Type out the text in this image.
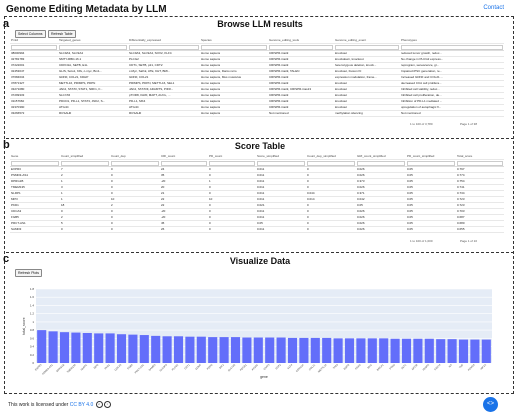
Genome Editing Metadata by LLM	Contact
a	Browse LLM results
Select Columns	Refresh Table
PmId	Targeted_genes	Differentially_expressed	Species	Genome_editing_tools	Genome_editing_event	Phenotypes

38000994	SLC9A3, SLC9A4	SLC9A3, SLC9A4, SOX2, KLF4	Homo sapiens	CRISPR-Cas9	knockout	reduced tumor growth, reduc...
32781783	SMTY-RBD-16.1	PLCG2	Homo sapiens	CRISPR-Cas9	knockdown, knockout	No change in PLCG2 express...
37222001	CDKN1A, SETB, E1L	CDT1, SETB, p21, CDT2	Homo sapiens	CRISPR-Cas9	heterozygous deletion, knock...	reprogram, senescence, gr...
32453047	GLIS, Soto1, Klfs, c-myc, Bm1...	c-Myc, Saf1k, ATE, KHT, BMl...	Homo sapiens, Danio rerio	CRISPR-Cas9, TALEN	knockout, Fusion KI	Impaired iPSC generation, re...
37684634	GDNF, COL21, KDHP	GDNF, COL21	Homo sapiens, Mus musculus	CRISPR-Cas9	expression modulation, frame...	Increased GDNF and COL21 ...
37871327	METTL16, PRIMPS, PDPN	PRIMPS, PDPN, METTL16, SEL1	Homo sapiens	CRISPR-Cas9	knockout	decreased CCA cell prolifera...
33271080	JAK2, STAT3, STAT1, NRF1, F...	JAK2, STAT3F, ADAMTS, PIFR...	Homo sapiens	CRISPR-Cas9, CRISPR-Cas13	knockout	Inhibited cell viability, reduc...
37299333	SLC7A5	pTOR8, IGRF, MAPT, AUCL, ...	Homo sapiens	CRISPR-Cas9	knockout	Inhibited cell proliferation, de...
31157660	PDCD1, PD-L1, STAT3, JNK2, S...	PD-L1, MK4	Homo sapiens	CRISPR-Cas9	knockout	Inhibition of PD-L1 mediated ...
32370390	ATG4C	ATG4C	Homo sapiens	CRISPR-Cas9	knockout	upregulation of autophagic fl...
33266572	RCSAH0	RCSAH0	Homo sapiens	Not mentioned	methylation silencing	Not mentioned
1 to 100 of 3,780	Page 1 of 38
b	Score Table
Gene	Count_simplified	Count_dep	CRI_count	PD_count	Score_simplified	Count_dep_simplified	GRI_count_simplified	PD_count_simplified	Total_score

EXPR3	7	0	24	0	0.011	0	0.026	0.05	0.797
PSMD3-AS1	2	0	35	0	0.011	0	0.026	0.05	0.774
DPRG1B	1	0	-20	1	0.011	0	0.373	0.05	0.754
TMEM135	3	0	20	0	0.011	0	0.026	0.05	0.741
NLRP1	1	0	21	0	0.011	0.044	0.371	0.05	0.734
MPO	1	10	22	10	0.011	0.014	0.042	0.05	0.723
PKD1	18	2	22	0	0.021	0	0.05	0.05	0.723
CDCA3	0	0	-20	0	0.011	0	0.026	0.05	0.703
FGB5	2	0	-20	0	0.011	0	0.026	0.05	0.687
PRCT-AS1	5	0	45	0	0.05	0	0.026	0.05	0.680
SAMD3	0	0	26	0	0.011	0	0.026	0.05	0.655
1 to 100 of 1,000	Page 1 of 10
c	Visualize Data
Refresh Plots
0
0.2
0.4
0.6
0.8
1
1.2
1.4
1.6
1.8
EXPR3 PSMD3-AS1 DPRG1B TMEM135 NLRP1 MPO PKD1 CDCA3 FGB5 PRCT-AS1 SAMD3 SLC9A3 PLCG2 CDT1 GDNF PDPN JAK2 SLC7A5 PDCD1 ATG4C STAT3 SOX2 KLF4 CDKN1A COL21 METTL16 TP53 EGFR KRAS MYC BRCA1 PTEN AKT1 MTOR VEGFA CD274	IL6 TNF FOXO3 HIF1A
gene
total_score
This work is licensed under CC BY 4.0 c i	<>
